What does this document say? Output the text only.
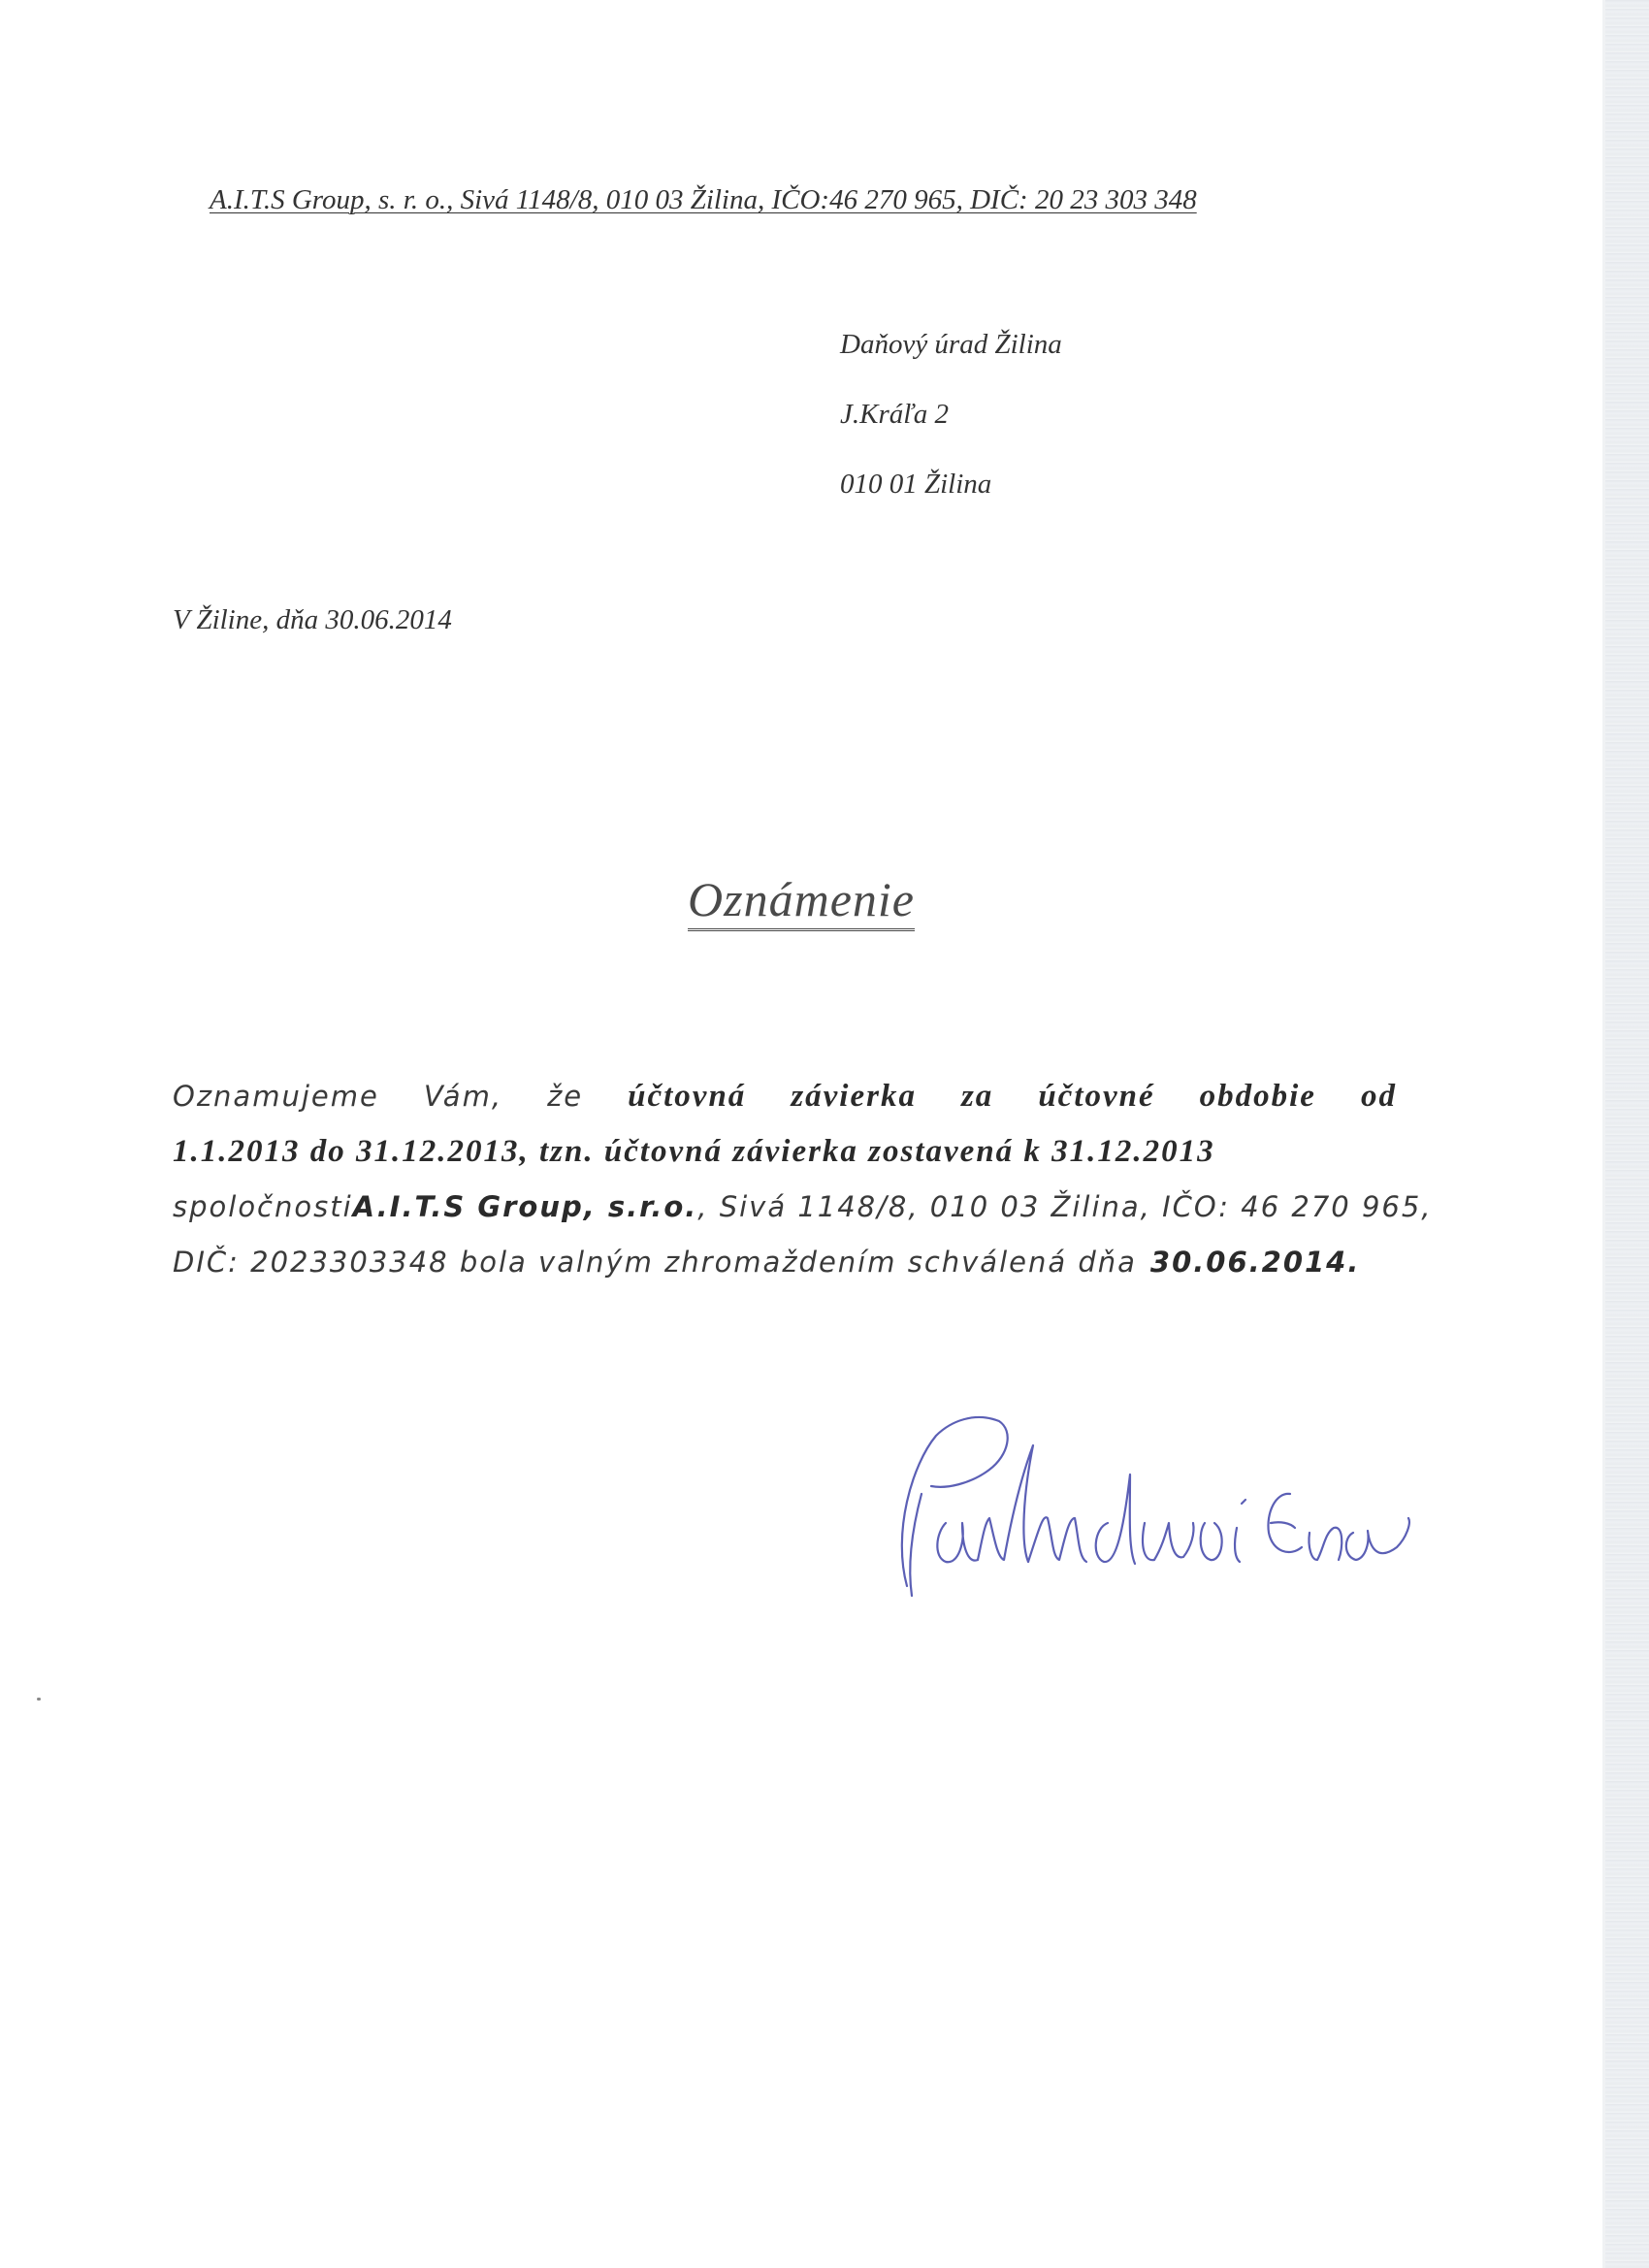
A.I.T.S Group, s. r. o., Sivá 1148/8, 010 03 Žilina, IČO:46 270 965, DIČ: 20 23 303 348
Daňový úrad Žilina
J.Kráľa 2
010 01 Žilina
V Žiline, dňa 30.06.2014
Oznámenie
Oznamujeme Vám, že účtovná závierka za účtovné obdobie od
1.1.2013 do 31.12.2013, tzn. účtovná závierka zostavená k 31.12.2013
spoločnosti A.I.T.S Group, s.r.o. , Sivá 1148/8, 010 03 Žilina, IČO: 46 270 965,
DIČ: 2023303348 bola valným zhromaždením schválená dňa 30.06.2014.
